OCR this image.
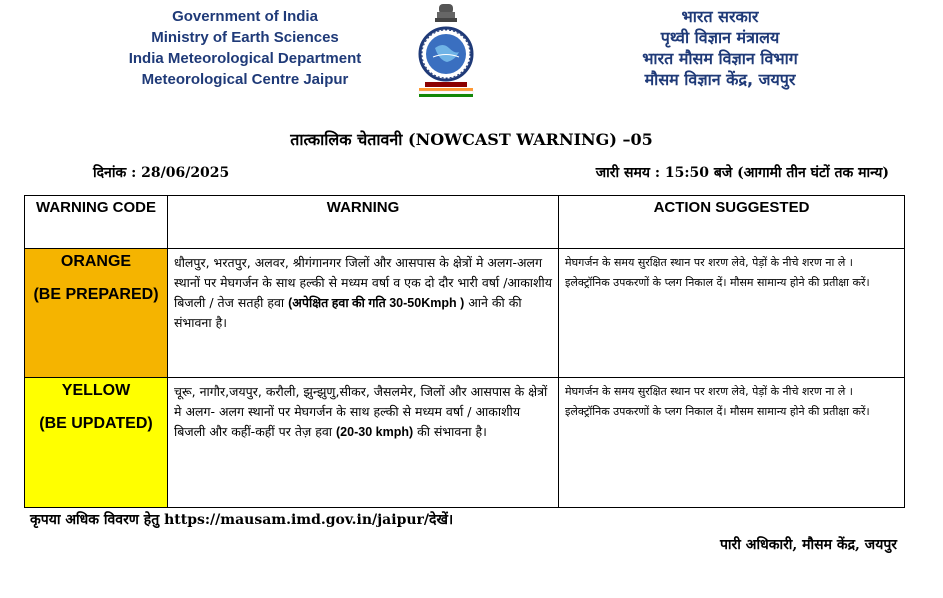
Government of India
Ministry of Earth Sciences
India Meteorological Department
Meteorological Centre Jaipur
भारत सरकार
पृथ्वी विज्ञान मंत्रालय
भारत मौसम विज्ञान विभाग
मौसम विज्ञान केंद्र, जयपुर
तात्कालिक चेतावनी (NOWCAST WARNING) –05
दिनांक : 28/06/2025	जारी समय : 15:50 बजे (आगामी तीन घंटों तक मान्य)
WARNING CODE	WARNING	ACTION SUGGESTED

ORANGE
(BE PREPARED)	धौलपुर, भरतपुर, अलवर, श्रीगंगानगर जिलों और आसपास के क्षेत्रों मे अलग-अलग स्थानों पर मेघगर्जन के साथ हल्की से मध्यम वर्षा व एक दो दौर भारी वर्षा /आकाशीय बिजली / तेज सतही हवा (अपेक्षित हवा की गति 30-50Kmph ) आने की की संभावना है।	मेघगर्जन के समय सुरक्षित स्थान पर शरण लेवे, पेड़ों के नीचे शरण ना ले । इलेक्ट्रॉनिक उपकरणों के प्लग निकाल दें। मौसम सामान्य होने की प्रतीक्षा करें।

YELLOW
(BE UPDATED)	चूरू, नागौर,जयपुर, करौली, झुन्झुणु,सीकर, जैसलमेर, जिलों और आसपास के क्षेत्रों मे अलग- अलग स्थानों पर मेघगर्जन के साथ हल्की से मध्यम वर्षा / आकाशीय बिजली और कहीं-कहीं पर तेज़ हवा (20-30 kmph) की संभावना है।	मेघगर्जन के समय सुरक्षित स्थान पर शरण लेवे, पेड़ों के नीचे शरण ना ले । इलेक्ट्रॉनिक उपकरणों के प्लग निकाल दें। मौसम सामान्य होने की प्रतीक्षा करें।
कृपया अधिक विवरण हेतु https://mausam.imd.gov.in/jaipur/देखें।
पारी अधिकारी, मौसम केंद्र, जयपुर
